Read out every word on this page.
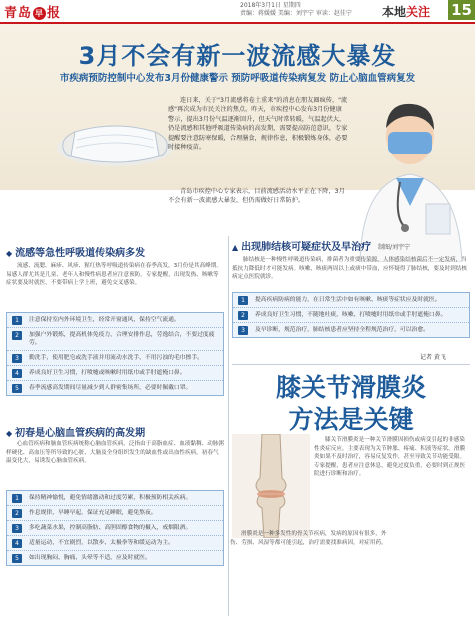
青岛 早 报
2018年3月1日 星期四
责编：蒋媛媛 美编：刘宇宁 审读：赵佳宁	本地关注 15
3月不会有新一波流感大暴发
市疾病预防控制中心发布3月份健康警示 预防呼吸道传染病复发 防止心脑血管病复发
连日来，关于"3月流感将卷土重来"的消息在朋友圈疯传，"流感"再次成为市民关注的焦点。昨天，市疾控中心发布3月份健康警示，提出3月份气温逐渐回升，但天气时常转暖，气温起伏大，仍是流感和其他呼吸道传染病的高发期，需要提高防范意识，专家提醒要注意防寒保暖，合理膳食，规律作息，积极锻炼身体，必要时接种疫苗。
青岛市疾控中心专家表示，目前流感活动水平正在下降，3月不会有新一波流感大暴发，但仍需做好日常防护。
制图/刘宇宁
◆ 流感等急性呼吸道传染病多发
流感、流腮、麻疹、风疹、猩红热等呼吸道传染病在春季高发，3月份是其高峰期。易感人群尤其是儿童、老年人和慢性病患者应注意预防。专家提醒，出现发热、咳嗽等症状要及时就医，不要带病上学上班，避免交叉感染。
1	注意保持室内外环境卫生，经常开窗通风，保持空气流通。
2	加强户外锻炼，提高机体免疫力，合理安排作息，劳逸结合，不要过度疲劳。
3	勤洗手，使用肥皂或洗手液并用流动水洗手，不用污浊的毛巾擦手。
4	养成良好卫生习惯，打喷嚏或咳嗽时用纸巾或手肘遮掩口鼻。
5	春季流感高发期间尽量减少到人群密集场所，必要时佩戴口罩。
◆ 初春是心脑血管疾病的高发期
心血管疾病和脑血管疾病统称心脑血管疾病，泛指由于高脂血症、血液黏稠、动脉粥样硬化、高血压等所导致的心脏、大脑及全身组织发生的缺血性或出血性疾病。初春气温变化大，易诱发心脑血管疾病。
1	保持精神愉悦，避免情绪激动和过度劳累，积极预防相关疾病。
2	作息规律，早睡早起，保证充足睡眠，避免熬夜。
3	多吃蔬菜水果，控制高脂肪、高胆固醇食物的摄入，戒烟限酒。
4	适量运动，不宜剧烈，以散步、太极拳等和缓运动为主。
5	如出现胸闷、胸痛、头晕等不适，应及时就医。
▲ 出现肺结核可疑症状及早治疗
肺结核是一种慢性呼吸道传染病，排菌者为重要传染源。人体感染结核菌后不一定发病，当抵抗力降低时才可能发病。咳嗽、咳痰两周以上或痰中带血，应怀疑得了肺结核，要及时到结核病定点医院就诊。
1	提高疾病防病的能力，在日常生活中如有咳嗽、咳痰等症状应及时就医。
2	养成良好卫生习惯，不随地吐痰，咳嗽、打喷嚏时用纸巾或手肘遮掩口鼻。
3	及早诊断，规范治疗，肺结核患者应坚持全程规范治疗，可以治愈。
记者 黄飞
膝关节滑膜炎
方法是关键
膝关节滑膜炎是一种关节滑膜因损伤或病变引起的非感染性炎症反应，主要表现为关节肿胀、疼痛、积液等症状。滑膜炎如果不及时治疗，容易反复发作，甚至导致关节功能受限。专家提醒，患者应注意休息，避免过度负重，必要时到正规医院进行诊断和治疗。
滑膜炎是一种多发性的骨关节疾病，发病的原因有很多，外伤、劳损、风湿等都可能引起，治疗需要找准病因，对症用药。
